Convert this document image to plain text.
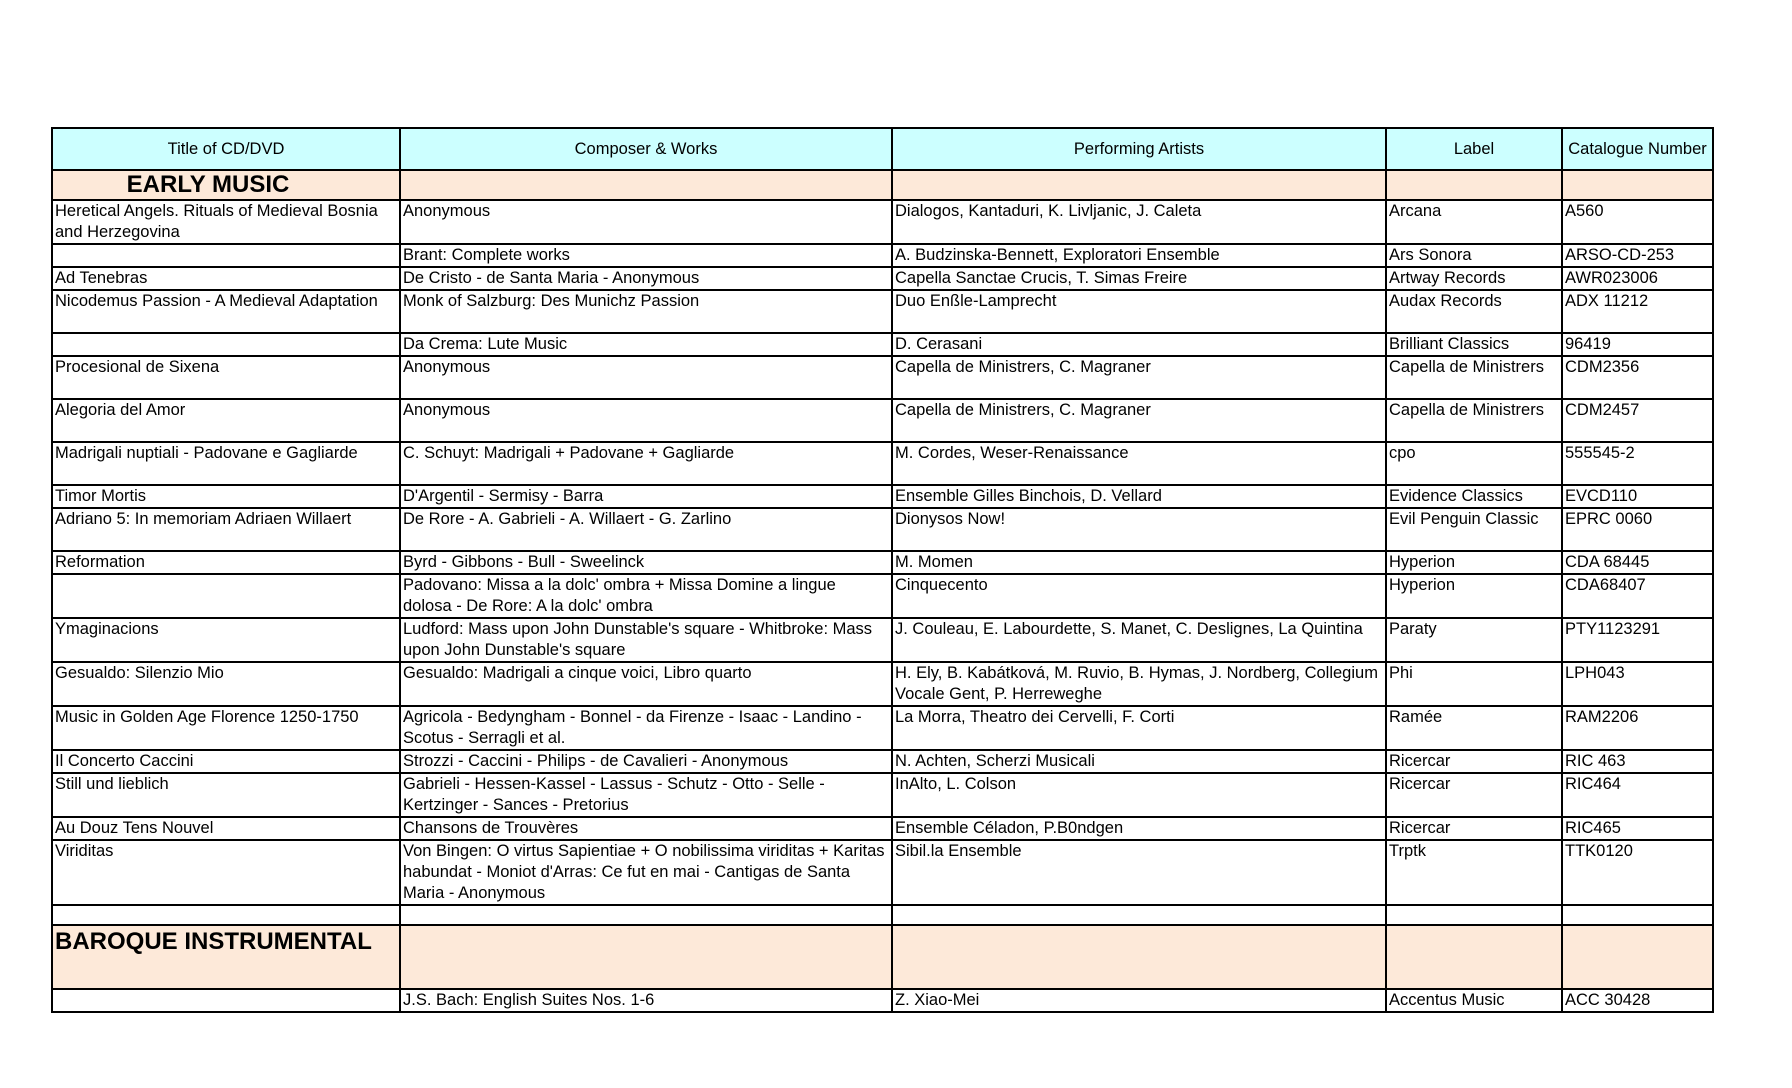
Title of CD/DVD	Composer & Works	Performing Artists	Label	Catalogue Number
EARLY MUSIC				
Heretical Angels. Rituals of Medieval Bosnia and Herzegovina	Anonymous	Dialogos, Kantaduri, K. Livljanic, J. Caleta	Arcana	A560
	Brant: Complete works	A. Budzinska-Bennett, Exploratori Ensemble	Ars Sonora	ARSO-CD-253
Ad Tenebras	De Cristo - de Santa Maria - Anonymous	Capella Sanctae Crucis, T. Simas Freire	Artway Records	AWR023006
Nicodemus Passion - A Medieval Adaptation	Monk of Salzburg: Des Munichz Passion	Duo Enßle-Lamprecht	Audax Records	ADX 11212
	Da Crema: Lute Music	D. Cerasani	Brilliant Classics	96419
Procesional de Sixena	Anonymous	Capella de Ministrers, C. Magraner	Capella de Ministrers	CDM2356
Alegoria del Amor	Anonymous	Capella de Ministrers, C. Magraner	Capella de Ministrers	CDM2457
Madrigali nuptiali - Padovane e Gagliarde	C. Schuyt: Madrigali + Padovane + Gagliarde	M. Cordes, Weser-Renaissance	cpo	555545-2
Timor Mortis	D'Argentil - Sermisy - Barra	Ensemble Gilles Binchois, D. Vellard	Evidence Classics	EVCD110
Adriano 5: In memoriam Adriaen Willaert	De Rore - A. Gabrieli - A. Willaert - G. Zarlino	Dionysos Now!	Evil Penguin Classic	EPRC 0060
Reformation	Byrd - Gibbons - Bull - Sweelinck	M. Momen	Hyperion	CDA 68445
	Padovano: Missa a la dolc' ombra + Missa Domine a lingue dolosa - De Rore: A la dolc' ombra	Cinquecento	Hyperion	CDA68407
Ymaginacions	Ludford: Mass upon John Dunstable's square - Whitbroke: Mass upon John Dunstable's square	J. Couleau, E. Labourdette, S. Manet, C. Deslignes, La Quintina	Paraty	PTY1123291
Gesualdo: Silenzio Mio	Gesualdo: Madrigali a cinque voici, Libro quarto	H. Ely, B. Kabátková, M. Ruvio, B. Hymas, J. Nordberg, Collegium Vocale Gent, P. Herreweghe	Phi	LPH043
Music in Golden Age Florence 1250-1750	Agricola - Bedyngham - Bonnel - da Firenze - Isaac - Landino - Scotus - Serragli et al.	La Morra, Theatro dei Cervelli, F. Corti	Ramée	RAM2206
Il Concerto Caccini	Strozzi - Caccini - Philips - de Cavalieri - Anonymous	N. Achten, Scherzi Musicali	Ricercar	RIC 463
Still und lieblich	Gabrieli - Hessen-Kassel - Lassus - Schutz - Otto - Selle - Kertzinger - Sances - Pretorius	InAlto, L. Colson	Ricercar	RIC464
Au Douz Tens Nouvel	Chansons de Trouvères	Ensemble Céladon, P.B0ndgen	Ricercar	RIC465
Viriditas	Von Bingen: O virtus Sapientiae + O nobilissima viriditas + Karitas habundat - Moniot d'Arras: Ce fut en mai - Cantigas de Santa Maria - Anonymous	Sibil.la Ensemble	Trptk	TTK0120

BAROQUE INSTRUMENTAL				
	J.S. Bach: English Suites Nos. 1-6	Z. Xiao-Mei	Accentus Music	ACC 30428
